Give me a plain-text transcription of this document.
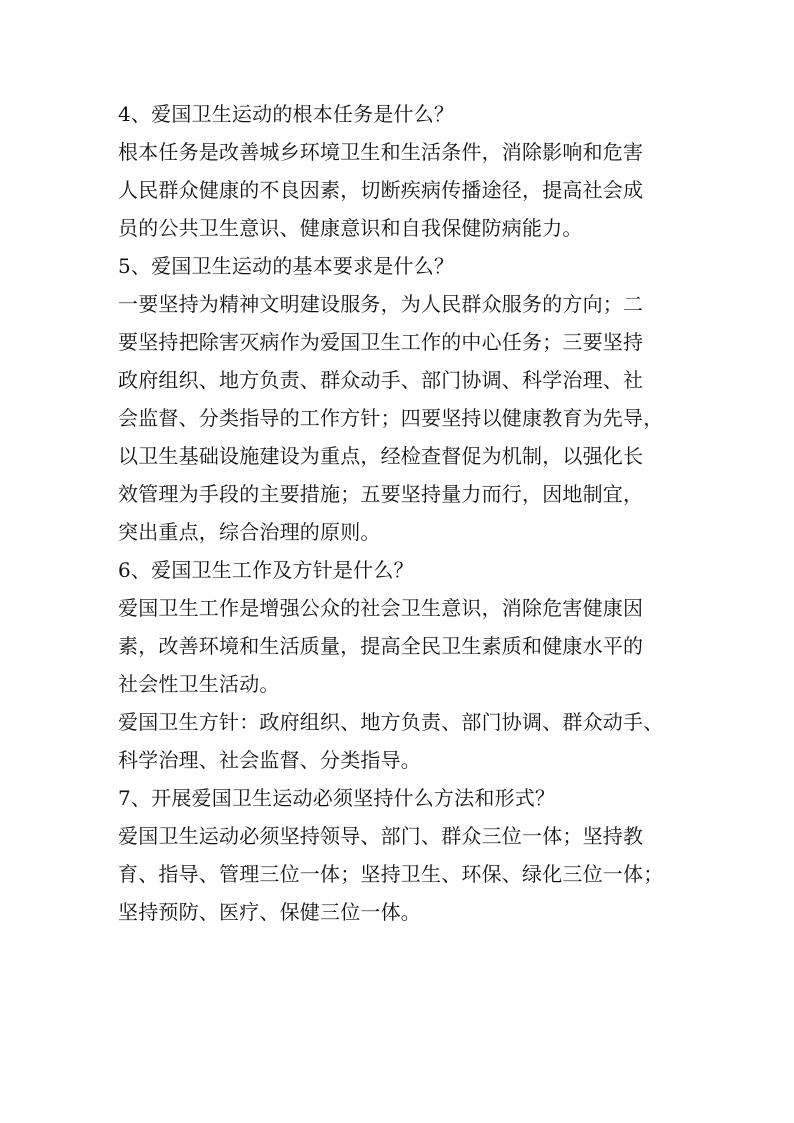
4、爱国卫生运动的根本任务是什么？
根本任务是改善城乡环境卫生和生活条件，消除影响和危害
人民群众健康的不良因素，切断疾病传播途径，提高社会成
员的公共卫生意识、健康意识和自我保健防病能力。
5、爱国卫生运动的基本要求是什么？
一要坚持为精神文明建设服务，为人民群众服务的方向；二
要坚持把除害灭病作为爱国卫生工作的中心任务；三要坚持
政府组织、地方负责、群众动手、部门协调、科学治理、社
会监督、分类指导的工作方针；四要坚持以健康教育为先导，
以卫生基础设施建设为重点，经检查督促为机制，以强化长
效管理为手段的主要措施；五要坚持量力而行，因地制宜，
突出重点，综合治理的原则。
6、爱国卫生工作及方针是什么？
爱国卫生工作是增强公众的社会卫生意识，消除危害健康因
素，改善环境和生活质量，提高全民卫生素质和健康水平的
社会性卫生活动。
爱国卫生方针：政府组织、地方负责、部门协调、群众动手、
科学治理、社会监督、分类指导。
7、开展爱国卫生运动必须坚持什么方法和形式？
爱国卫生运动必须坚持领导、部门、群众三位一体；坚持教
育、指导、管理三位一体；坚持卫生、环保、绿化三位一体；
坚持预防、医疗、保健三位一体。
